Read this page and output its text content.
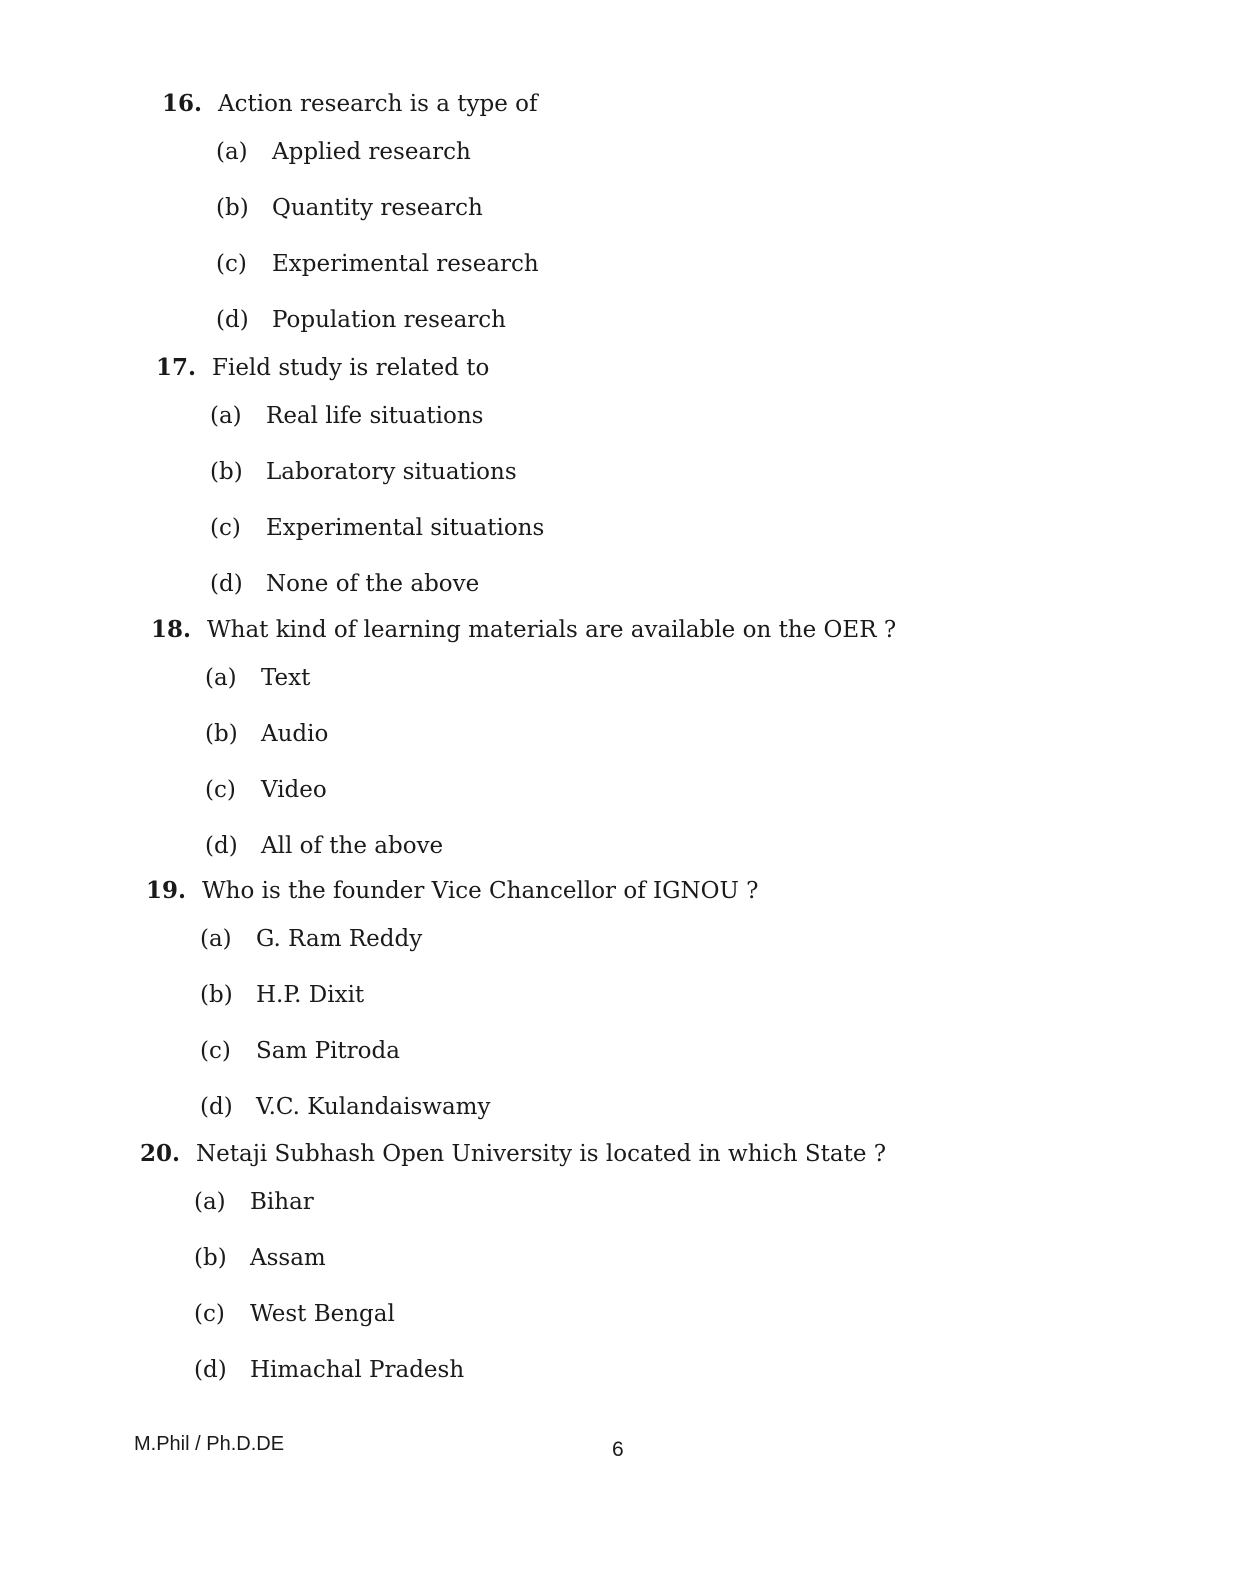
16. Action research is a type of
(a) Applied research
(b) Quantity research
(c) Experimental research
(d) Population research
17. Field study is related to
(a) Real life situations
(b) Laboratory situations
(c) Experimental situations
(d) None of the above
18. What kind of learning materials are available on the OER ?
(a) Text
(b) Audio
(c) Video
(d) All of the above
19. Who is the founder Vice Chancellor of IGNOU ?
(a) G. Ram Reddy
(b) H.P. Dixit
(c) Sam Pitroda
(d) V.C. Kulandaiswamy
20. Netaji Subhash Open University is located in which State ?
(a) Bihar
(b) Assam
(c) West Bengal
(d) Himachal Pradesh
M.Phil / Ph.D.DE	6
